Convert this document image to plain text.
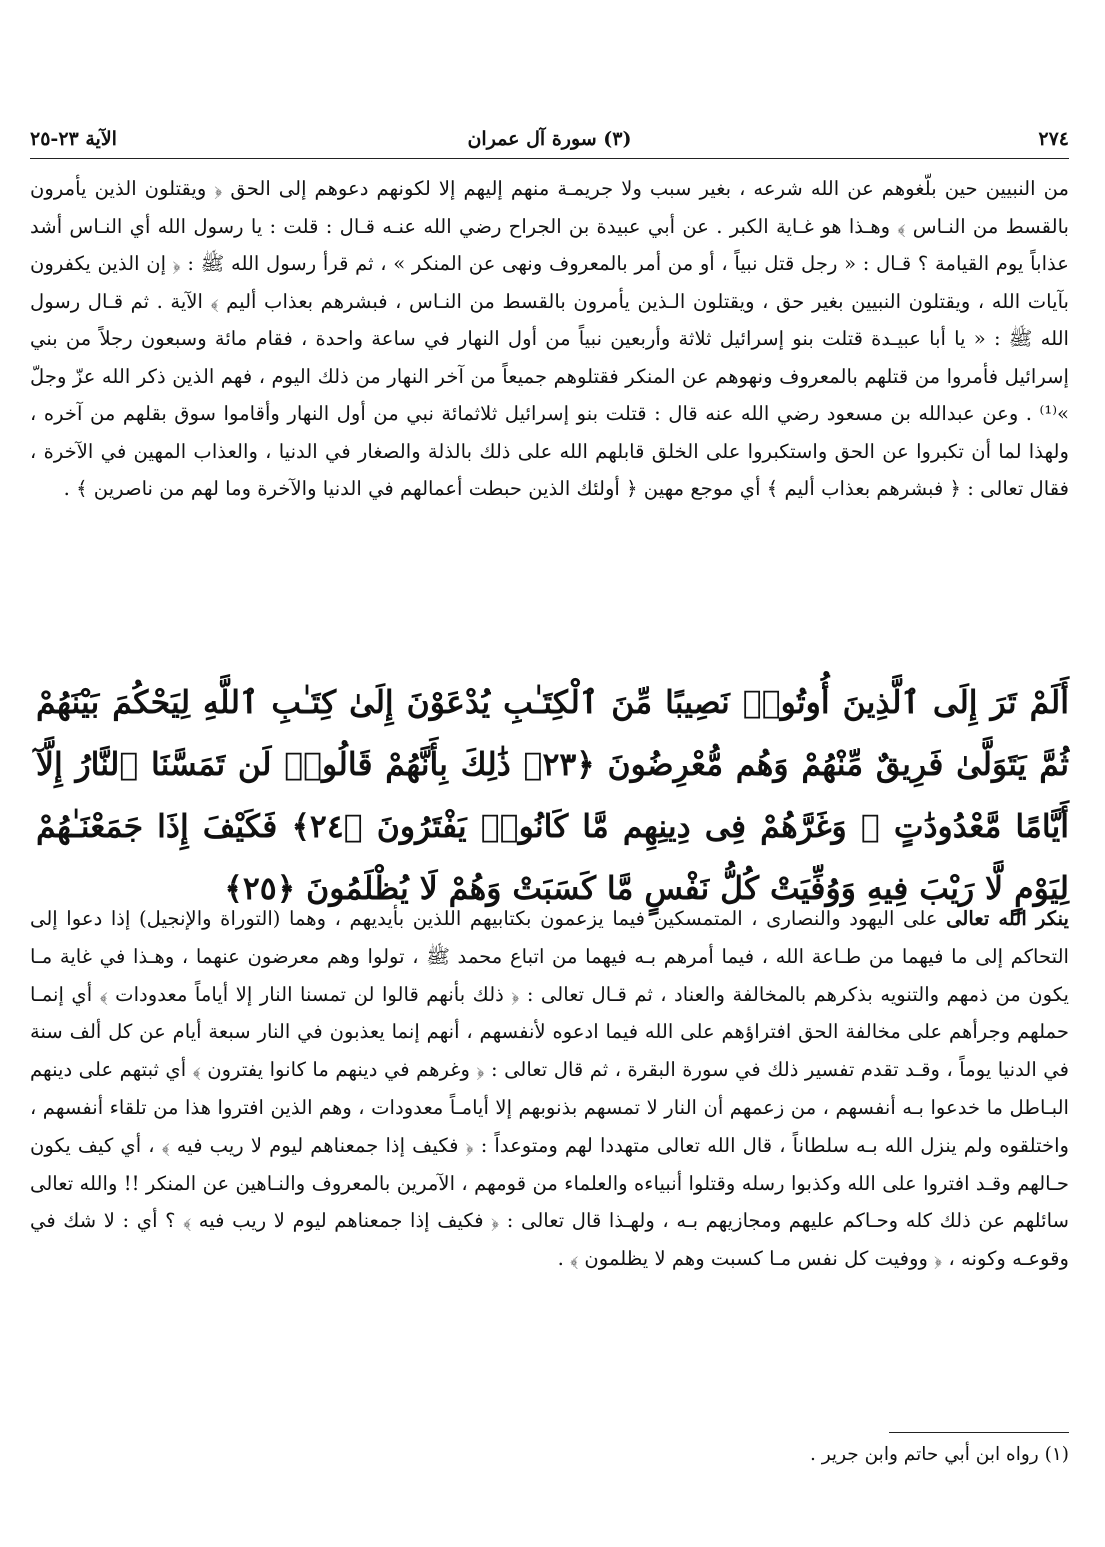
٢٧٤
(٣) سورة آل عمران
الآية ٢٣-٢٥
من النبيين حين بلّغوهم عن الله شرعه ، بغير سبب ولا جريمـة منهم إليهم إلا لكونهم دعوهم إلى الحق ﴿ ويقتلون الذين يأمرون بالقسط من النـاس ﴾ وهـذا هو غـاية الكبر . عن أبي عبيدة بن الجراح رضي الله عنـه قـال : قلت : يا رسول الله أي النـاس أشد عذاباً يوم القيامة ؟ قـال : « رجل قتل نبياً ، أو من أمر بالمعروف ونهى عن المنكر » ، ثم قرأ رسول الله ﷺ : ﴿ إن الذين يكفرون بآيات الله ، ويقتلون النبيين بغير حق ، ويقتلون الـذين يأمرون بالقسط من النـاس ، فبشرهم بعذاب أليم ﴾ الآية . ثم قـال رسول الله ﷺ : « يا أبا عبيـدة قتلت بنو إسرائيل ثلاثة وأربعين نبياً من أول النهار في ساعة واحدة ، فقام مائة وسبعون رجلاً من بني إسرائيل فأمروا من قتلهم بالمعروف ونهوهم عن المنكر فقتلوهم جميعاً من آخر النهار من ذلك اليوم ، فهم الذين ذكر الله عزّ وجلّ »⁽¹⁾ . وعن عبدالله بن مسعود رضي الله عنه قال : قتلت بنو إسرائيل ثلاثمائة نبي من أول النهار وأقاموا سوق بقلهم من آخره ، ولهذا لما أن تكبروا عن الحق واستكبروا على الخلق قابلهم الله على ذلك بالذلة والصغار في الدنيا ، والعذاب المهين في الآخرة ، فقال تعالى : ﴿ فبشرهم بعذاب أليم ﴾ أي موجع مهين ﴿ أولئك الذين حبطت أعمالهم في الدنيا والآخرة وما لهم من ناصرين ﴾ .
أَلَمْ تَرَ إِلَى ٱلَّذِينَ أُوتُوا۟ نَصِيبًا مِّنَ ٱلْكِتَـٰبِ يُدْعَوْنَ إِلَىٰ كِتَـٰبِ ٱللَّهِ لِيَحْكُمَ بَيْنَهُمْ ثُمَّ يَتَوَلَّىٰ فَرِيقٌ مِّنْهُمْ وَهُم مُّعْرِضُونَ ﴿٢٣﴾ ذَٰلِكَ بِأَنَّهُمْ قَالُوا۟ لَن تَمَسَّنَا ٱلنَّارُ إِلَّآ أَيَّامًا مَّعْدُودَٰتٍ ۖ وَغَرَّهُمْ فِى دِينِهِم مَّا كَانُوا۟ يَفْتَرُونَ ﴿٢٤﴾ فَكَيْفَ إِذَا جَمَعْنَـٰهُمْ لِيَوْمٍ لَّا رَيْبَ فِيهِ وَوُفِّيَتْ كُلُّ نَفْسٍ مَّا كَسَبَتْ وَهُمْ لَا يُظْلَمُونَ ﴿٢٥﴾
ينكر الله تعالى على اليهود والنصارى ، المتمسكين فيما يزعمون بكتابيهم اللذين بأيديهم ، وهما (التوراة والإنجيل) إذا دعوا إلى التحاكم إلى ما فيهما من طـاعة الله ، فيما أمرهم بـه فيهما من اتباع محمد ﷺ ، تولوا وهم معرضون عنهما ، وهـذا في غاية مـا يكون من ذمهم والتنويه بذكرهم بالمخالفة والعناد ، ثم قـال تعالى : ﴿ ذلك بأنهم قالوا لن تمسنا النار إلا أياماً معدودات ﴾ أي إنمـا حملهم وجرأهم على مخالفة الحق افتراؤهم على الله فيما ادعوه لأنفسهم ، أنهم إنما يعذبون في النار سبعة أيام عن كل ألف سنة في الدنيا يوماً ، وقـد تقدم تفسير ذلك في سورة البقرة ، ثم قال تعالى : ﴿ وغرهم في دينهم ما كانوا يفترون ﴾ أي ثبتهم على دينهم البـاطل ما خدعوا بـه أنفسهم ، من زعمهم أن النار لا تمسهم بذنوبهم إلا أيامـاً معدودات ، وهم الذين افتروا هذا من تلقاء أنفسهم ، واختلقوه ولم ينزل الله بـه سلطاناً ، قال الله تعالى متهددا لهم ومتوعداً : ﴿ فكيف إذا جمعناهم ليوم لا ريب فيه ﴾ ، أي كيف يكون حـالهم وقـد افتروا على الله وكذبوا رسله وقتلوا أنبياءه والعلماء من قومهم ، الآمرين بالمعروف والنـاهين عن المنكر !! والله تعالى سائلهم عن ذلك كله وحـاكم عليهم ومجازيهم بـه ، ولهـذا قال تعالى : ﴿ فكيف إذا جمعناهم ليوم لا ريب فيه ﴾ ؟ أي : لا شك في وقوعـه وكونه ، ﴿ ووفيت كل نفس مـا كسبت وهم لا يظلمون ﴾ .
(١) رواه ابن أبي حاتم وابن جرير .
